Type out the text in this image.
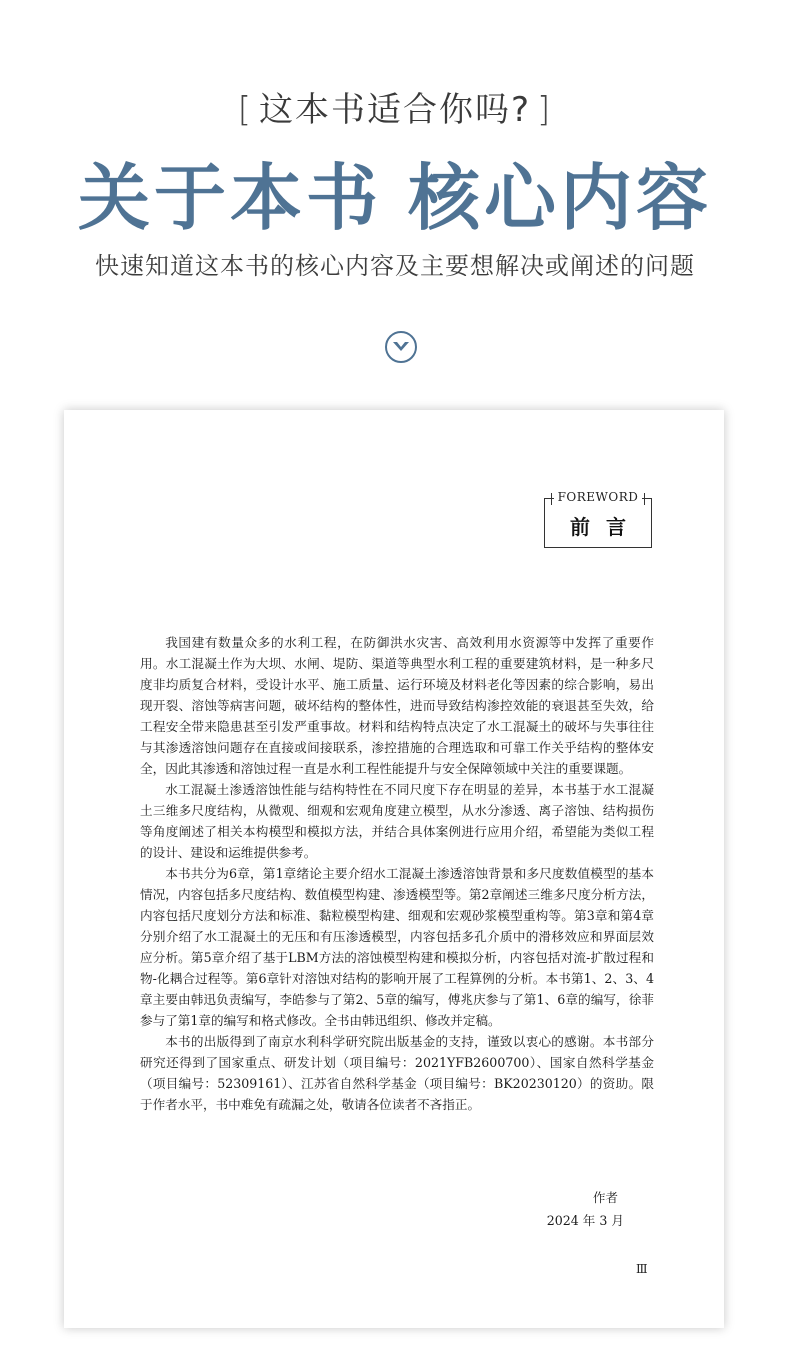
[ 这本书适合你吗? ]
关于本书 核心内容
快速知道这本书的核心内容及主要想解决或阐述的问题
FOREWORD
前言

我国建有数量众多的水利工程，在防御洪水灾害、高效利用水资源等中发挥了重要作用。水工混凝土作为大坝、水闸、堤防、渠道等典型水利工程的重要建筑材料，是一种多尺度非均质复合材料，受设计水平、施工质量、运行环境及材料老化等因素的综合影响，易出现开裂、溶蚀等病害问题，破坏结构的整体性，进而导致结构渗控效能的衰退甚至失效，给工程安全带来隐患甚至引发严重事故。材料和结构特点决定了水工混凝土的破坏与失事往往与其渗透溶蚀问题存在直接或间接联系，渗控措施的合理选取和可靠工作关乎结构的整体安全，因此其渗透和溶蚀过程一直是水利工程性能提升与安全保障领域中关注的重要课题。

水工混凝土渗透溶蚀性能与结构特性在不同尺度下存在明显的差异，本书基于水工混凝土三维多尺度结构，从微观、细观和宏观角度建立模型，从水分渗透、离子溶蚀、结构损伤等角度阐述了相关本构模型和模拟方法，并结合具体案例进行应用介绍，希望能为类似工程的设计、建设和运维提供参考。

本书共分为6章，第1章绪论主要介绍水工混凝土渗透溶蚀背景和多尺度数值模型的基本情况，内容包括多尺度结构、数值模型构建、渗透模型等。第2章阐述三维多尺度分析方法，内容包括尺度划分方法和标准、黏粒模型构建、细观和宏观砂浆模型重构等。第3章和第4章分别介绍了水工混凝土的无压和有压渗透模型，内容包括多孔介质中的滑移效应和界面层效应分析。第5章介绍了基于LBM方法的溶蚀模型构建和模拟分析，内容包括对流-扩散过程和物-化耦合过程等。第6章针对溶蚀对结构的影响开展了工程算例的分析。本书第1、2、3、4章主要由韩迅负责编写，李皓参与了第2、5章的编写，傅兆庆参与了第1、6章的编写，徐菲参与了第1章的编写和格式修改。全书由韩迅组织、修改并定稿。

本书的出版得到了南京水利科学研究院出版基金的支持，谨致以衷心的感谢。本书部分研究还得到了国家重点、研发计划（项目编号：2021YFB2600700）、国家自然科学基金（项目编号：52309161）、江苏省自然科学基金（项目编号：BK20230120）的资助。限于作者水平，书中难免有疏漏之处，敬请各位读者不吝指正。

作者
2024 年 3 月
Ⅲ
